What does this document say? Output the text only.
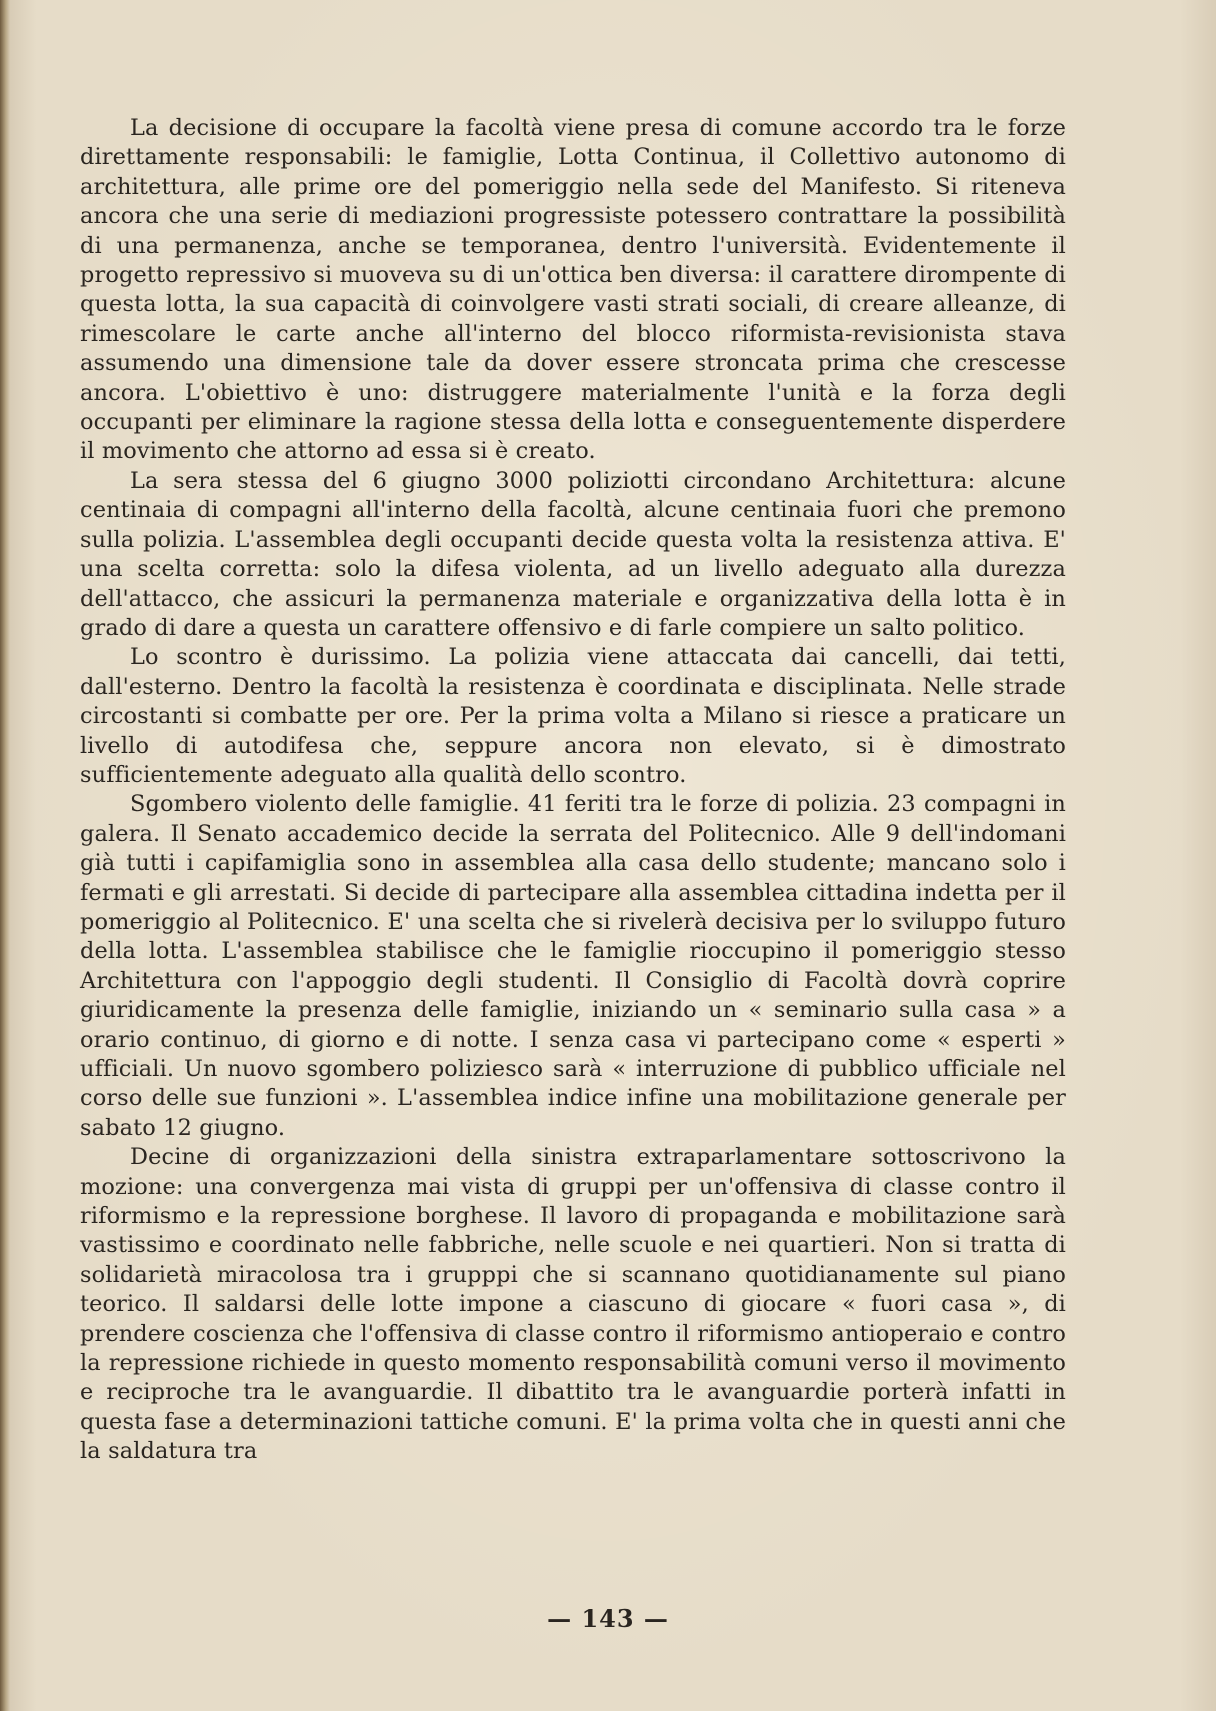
La decisione di occupare la facoltà viene presa di comune accordo tra le forze direttamente responsabili: le famiglie, Lotta Continua, il Collettivo autonomo di architettura, alle prime ore del pomeriggio nella sede del Manifesto. Si riteneva ancora che una serie di mediazioni progressiste potessero contrattare la possibilità di una permanenza, anche se temporanea, dentro l'università. Evidentemente il progetto repressivo si muoveva su di un'ottica ben diversa: il carattere dirompente di questa lotta, la sua capacità di coinvolgere vasti strati sociali, di creare alleanze, di rimescolare le carte anche all'interno del blocco riformista-revisionista stava assumendo una dimensione tale da dover essere stroncata prima che crescesse ancora. L'obiettivo è uno: distruggere materialmente l'unità e la forza degli occupanti per eliminare la ragione stessa della lotta e conseguentemente disperdere il movimento che attorno ad essa si è creato.

La sera stessa del 6 giugno 3000 poliziotti circondano Architettura: alcune centinaia di compagni all'interno della facoltà, alcune centinaia fuori che premono sulla polizia. L'assemblea degli occupanti decide questa volta la resistenza attiva. E' una scelta corretta: solo la difesa violenta, ad un livello adeguato alla durezza dell'attacco, che assicuri la permanenza materiale e organizzativa della lotta è in grado di dare a questa un carattere offensivo e di farle compiere un salto politico.

Lo scontro è durissimo. La polizia viene attaccata dai cancelli, dai tetti, dall'esterno. Dentro la facoltà la resistenza è coordinata e disciplinata. Nelle strade circostanti si combatte per ore. Per la prima volta a Milano si riesce a praticare un livello di autodifesa che, seppure ancora non elevato, si è dimostrato sufficientemente adeguato alla qualità dello scontro.

Sgombero violento delle famiglie. 41 feriti tra le forze di polizia. 23 compagni in galera. Il Senato accademico decide la serrata del Politecnico. Alle 9 dell'indomani già tutti i capifamiglia sono in assemblea alla casa dello studente; mancano solo i fermati e gli arrestati. Si decide di partecipare alla assemblea cittadina indetta per il pomeriggio al Politecnico. E' una scelta che si rivelerà decisiva per lo sviluppo futuro della lotta. L'assemblea stabilisce che le famiglie rioccupino il pomeriggio stesso Architettura con l'appoggio degli studenti. Il Consiglio di Facoltà dovrà coprire giuridicamente la presenza delle famiglie, iniziando un « seminario sulla casa » a orario continuo, di giorno e di notte. I senza casa vi partecipano come « esperti » ufficiali. Un nuovo sgombero poliziesco sarà « interruzione di pubblico ufficiale nel corso delle sue funzioni ». L'assemblea indice infine una mobilitazione generale per sabato 12 giugno.

Decine di organizzazioni della sinistra extraparlamentare sottoscrivono la mozione: una convergenza mai vista di gruppi per un'offensiva di classe contro il riformismo e la repressione borghese. Il lavoro di propaganda e mobilitazione sarà vastissimo e coordinato nelle fabbriche, nelle scuole e nei quartieri. Non si tratta di solidarietà miracolosa tra i grupppi che si scannano quotidianamente sul piano teorico. Il saldarsi delle lotte impone a ciascuno di giocare « fuori casa », di prendere coscienza che l'offensiva di classe contro il riformismo antioperaio e contro la repressione richiede in questo momento responsabilità comuni verso il movimento e reciproche tra le avanguardie. Il dibattito tra le avanguardie porterà infatti in questa fase a determinazioni tattiche comuni. E' la prima volta che in questi anni che la saldatura tra

— 143 —
